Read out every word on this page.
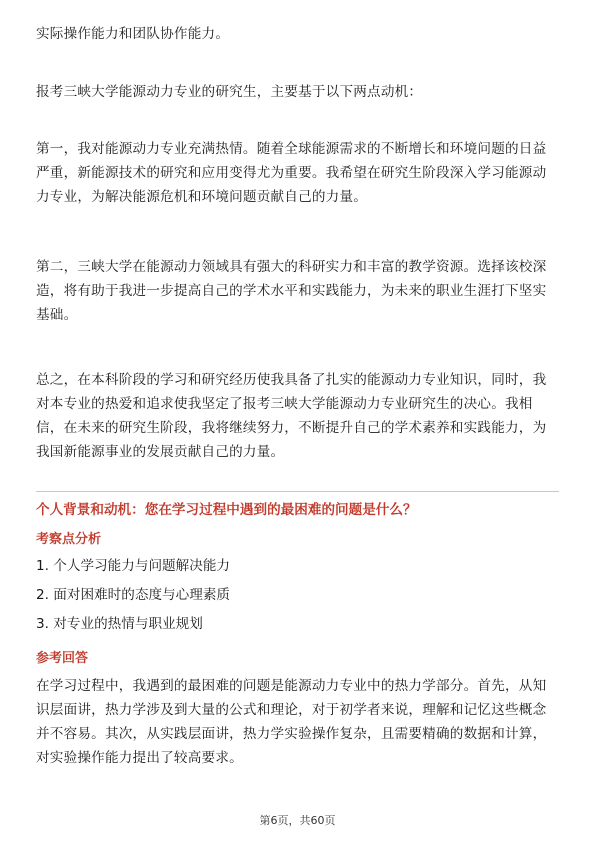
实际操作能力和团队协作能力。

报考三峡大学能源动力专业的研究生，主要基于以下两点动机：

第一，我对能源动力专业充满热情。随着全球能源需求的不断增长和环境问题的日益严重，新能源技术的研究和应用变得尤为重要。我希望在研究生阶段深入学习能源动力专业，为解决能源危机和环境问题贡献自己的力量。

第二，三峡大学在能源动力领域具有强大的科研实力和丰富的教学资源。选择该校深造，将有助于我进一步提高自己的学术水平和实践能力，为未来的职业生涯打下坚实基础。

总之，在本科阶段的学习和研究经历使我具备了扎实的能源动力专业知识，同时，我对本专业的热爱和追求使我坚定了报考三峡大学能源动力专业研究生的决心。我相信，在未来的研究生阶段，我将继续努力，不断提升自己的学术素养和实践能力，为我国新能源事业的发展贡献自己的力量。

个人背景和动机：您在学习过程中遇到的最困难的问题是什么？

考察点分析

1. 个人学习能力与问题解决能力

2. 面对困难时的态度与心理素质

3. 对专业的热情与职业规划

参考回答

在学习过程中，我遇到的最困难的问题是能源动力专业中的热力学部分。首先，从知识层面讲，热力学涉及到大量的公式和理论，对于初学者来说，理解和记忆这些概念并不容易。其次，从实践层面讲，热力学实验操作复杂，且需要精确的数据和计算，对实验操作能力提出了较高要求。

第6页，共60页
